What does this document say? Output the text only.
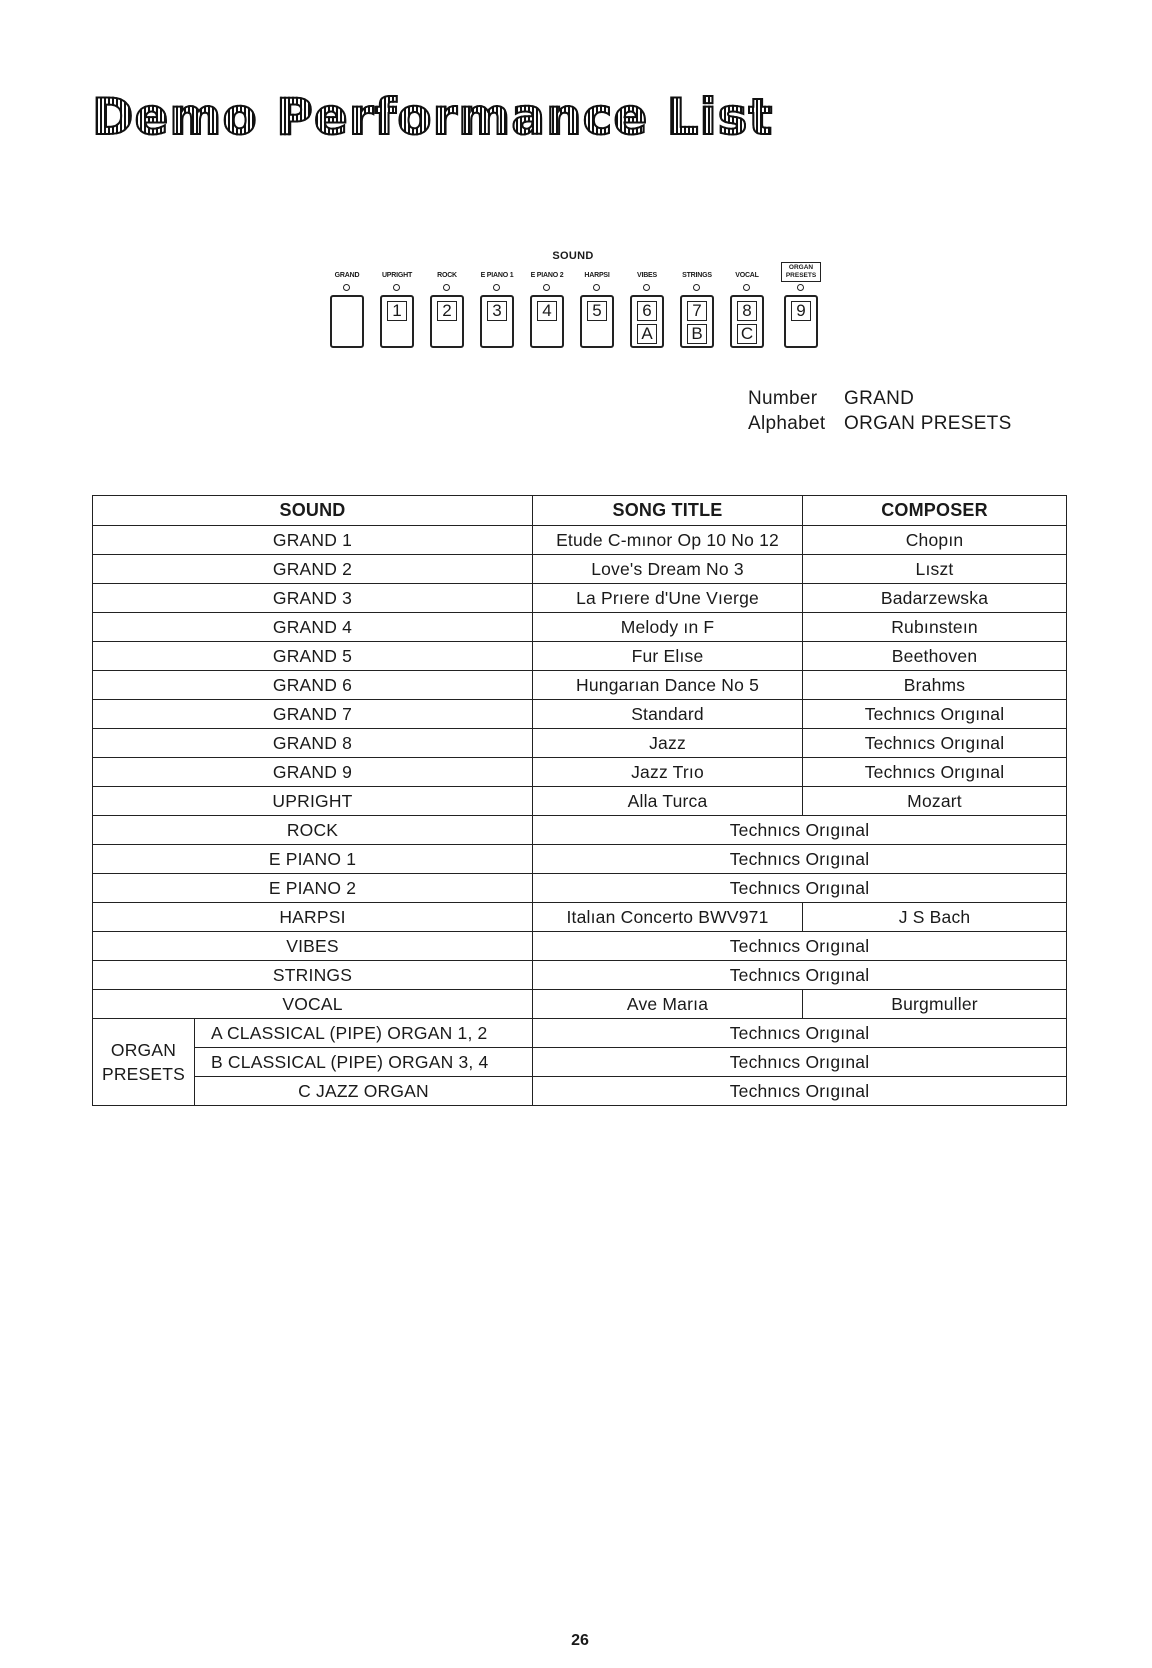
Demo Performance List
SOUND
GRAND	UPRIGHT	ROCK	E PIANO 1	E PIANO 2	HARPSI	VIBES	STRINGS	VOCAL
ORGAN PRESETS
1	2	3	4	5	6
A
7
B
8
C
9
Number	GRAND
Alphabet ORGAN PRESETS
SOUND		SONG TITLE	COMPOSER
GRAND 1		Etude C-mınor Op 10 No 12	Chopın
GRAND 2		Love's Dream No 3	Lıszt
GRAND 3		La Prıere d'Une Vıerge	Badarzewska
GRAND 4		Melody ın F	Rubınsteın
GRAND 5		Fur Elıse	Beethoven
GRAND 6		Hungarıan Dance No 5	Brahms
GRAND 7		Standard	Technıcs Orıgınal
GRAND 8		Jazz	Technıcs Orıgınal
GRAND 9		Jazz Trıo	Technıcs Orıgınal
UPRIGHT		Alla Turca	Mozart
ROCK		Technıcs Orıgınal	
E PIANO 1		Technıcs Orıgınal	
E PIANO 2		Technıcs Orıgınal	
HARPSI		Italıan Concerto BWV971	J S Bach
VIBES		Technıcs Orıgınal	
STRINGS		Technıcs Orıgınal	
VOCAL		Ave Marıa	Burgmuller

ORGAN
PRESETS	A CLASSICAL (PIPE) ORGAN 1, 2	Technıcs Orıgınal	
	B CLASSICAL (PIPE) ORGAN 3, 4	Technıcs Orıgınal	
	C JAZZ ORGAN	Technıcs Orıgınal	
26
